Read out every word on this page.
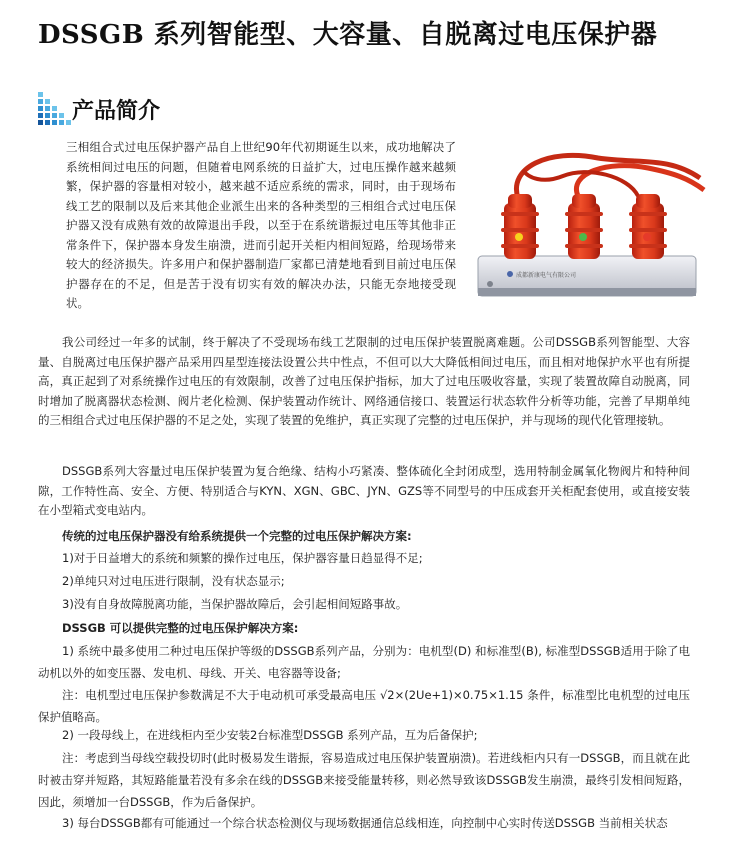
DSSGB 系列智能型、大容量、自脱离过电压保护器
产品简介
成都新康电气有限公司
三相组合式过电压保护器产品自上世纪90年代初期诞生以来，成功地解决了系统相间过电压的问题，但随着电网系统的日益扩大，过电压操作越来越频繁，保护器的容量相对较小，越来越不适应系统的需求，同时，由于现场布线工艺的限制以及后来其他企业派生出来的各种类型的三相组合式过电压保护器又没有成熟有效的故障退出手段，以至于在系统谐振过电压等其他非正常条件下，保护器本身发生崩溃，进而引起开关柜内相间短路，给现场带来较大的经济损失。许多用户和保护器制造厂家都已清楚地看到目前过电压保护器存在的不足，但是苦于没有切实有效的解决办法，只能无奈地接受现状。
我公司经过一年多的试制，终于解决了不受现场布线工艺限制的过电压保护装置脱离难题。公司DSSGB系列智能型、大容量、自脱离过电压保护器产品采用四星型连接法设置公共中性点，不但可以大大降低相间过电压，而且相对地保护水平也有所提高，真正起到了对系统操作过电压的有效限制，改善了过电压保护指标，加大了过电压吸收容量，实现了装置故障自动脱离，同时增加了脱离器状态检测、阀片老化检测、保护装置动作统计、网络通信接口、装置运行状态软件分析等功能，完善了早期单纯的三相组合式过电压保护器的不足之处，实现了装置的免维护，真正实现了完整的过电压保护，并与现场的现代化管理接轨。
DSSGB系列大容量过电压保护装置为复合绝缘、结构小巧紧凑、整体硫化全封闭成型，选用特制金属氧化物阀片和特种间隙，工作特性高、安全、方便、特别适合与KYN、XGN、GBC、JYN、GZS等不同型号的中压成套开关柜配套使用，或直接安装在小型箱式变电站内。
传统的过电压保护器没有给系统提供一个完整的过电压保护解决方案:
1)对于日益增大的系统和频繁的操作过电压，保护器容量日趋显得不足;
2)单纯只对过电压进行限制，没有状态显示;
3)没有自身故障脱离功能，当保护器故障后，会引起相间短路事故。
DSSGB 可以提供完整的过电压保护解决方案:
1) 系统中最多使用二种过电压保护等级的DSSGB系列产品，分别为：电机型(D) 和标准型(B), 标准型DSSGB适用于除了电动机以外的如变压器、发电机、母线、开关、电容器等设备;
注：电机型过电压保护参数满足不大于电动机可承受最高电压 √2×(2Ue+1)×0.75×1.15 条件，标准型比电机型的过电压保护值略高。
2) 一段母线上，在进线柜内至少安装2台标准型DSSGB 系列产品，互为后备保护;
注：考虑到当母线空载投切时(此时极易发生谐振，容易造成过电压保护装置崩溃)。若进线柜内只有一DSSGB，而且就在此时被击穿并短路，其短路能量若没有多余在线的DSSGB来接受能量转移，则必然导致该DSSGB发生崩溃，最终引发相间短路，因此，须增加一台DSSGB，作为后备保护。
3) 每台DSSGB都有可能通过一个综合状态检测仪与现场数据通信总线相连，向控制中心实时传送DSSGB 当前相关状态
